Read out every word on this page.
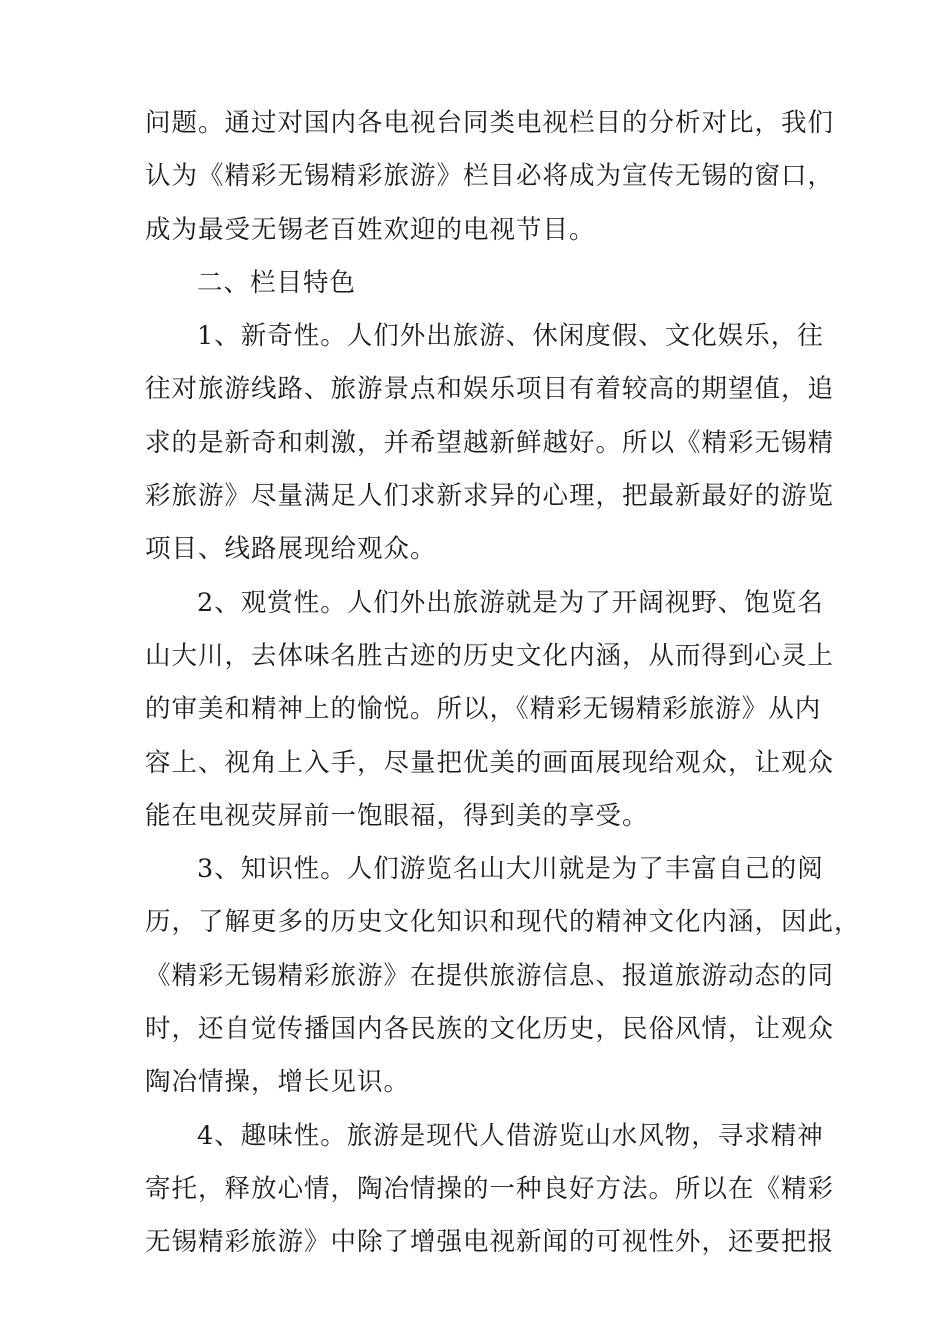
问题。通过对国内各电视台同类电视栏目的分析对比，我们
认为《精彩无锡精彩旅游》栏目必将成为宣传无锡的窗口，
成为最受无锡老百姓欢迎的电视节目。
二、栏目特色
1、新奇性。人们外出旅游、休闲度假、文化娱乐，往
往对旅游线路、旅游景点和娱乐项目有着较高的期望值，追
求的是新奇和刺激，并希望越新鲜越好。所以《精彩无锡精
彩旅游》尽量满足人们求新求异的心理，把最新最好的游览
项目、线路展现给观众。
2、观赏性。人们外出旅游就是为了开阔视野、饱览名
山大川，去体味名胜古迹的历史文化内涵，从而得到心灵上
的审美和精神上的愉悦。所以，《精彩无锡精彩旅游》从内
容上、视角上入手，尽量把优美的画面展现给观众，让观众
能在电视荧屏前一饱眼福，得到美的享受。
3、知识性。人们游览名山大川就是为了丰富自己的阅
历，了解更多的历史文化知识和现代的精神文化内涵，因此，
《精彩无锡精彩旅游》在提供旅游信息、报道旅游动态的同
时，还自觉传播国内各民族的文化历史，民俗风情，让观众
陶冶情操，增长见识。
4、趣味性。旅游是现代人借游览山水风物，寻求精神
寄托，释放心情，陶冶情操的一种良好方法。所以在《精彩
无锡精彩旅游》中除了增强电视新闻的可视性外，还要把报
